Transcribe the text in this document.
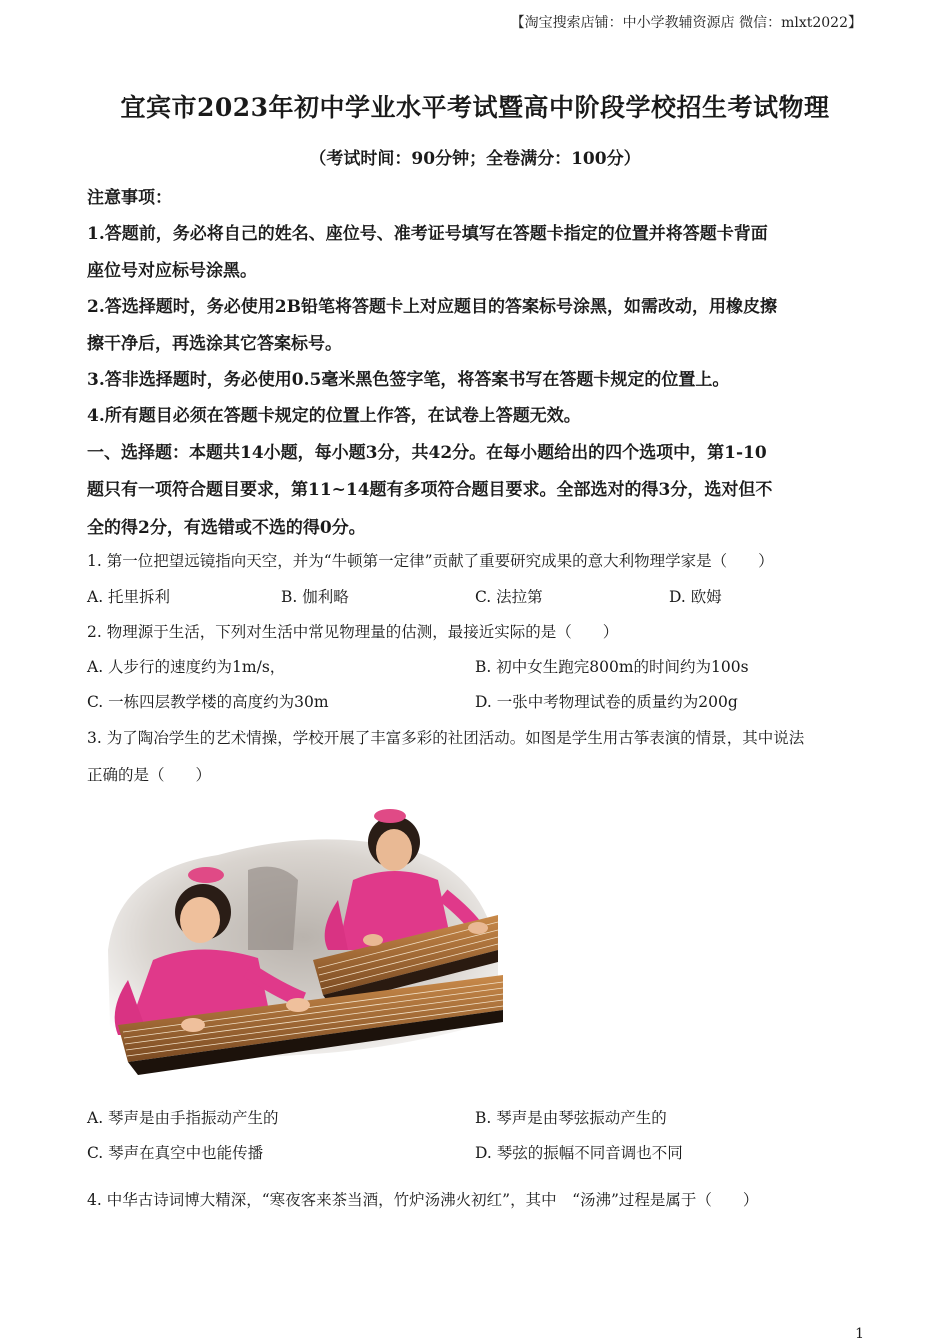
【淘宝搜索店铺：中小学教辅资源店 微信：mlxt2022】
宜宾市2023年初中学业水平考试暨高中阶段学校招生考试物理
（考试时间：90分钟；全卷满分：100分）
注意事项：
1.答题前，务必将自己的姓名、座位号、准考证号填写在答题卡指定的位置并将答题卡背面
座位号对应标号涂黑。
2.答选择题时，务必使用2B铅笔将答题卡上对应题目的答案标号涂黑，如需改动，用橡皮擦
擦干净后，再选涂其它答案标号。
3.答非选择题时，务必使用0.5毫米黑色签字笔，将答案书写在答题卡规定的位置上。
4.所有题目必须在答题卡规定的位置上作答，在试卷上答题无效。
一、选择题：本题共14小题，每小题3分，共42分。在每小题给出的四个选项中，第1-10
题只有一项符合题目要求，第11~14题有多项符合题目要求。全部选对的得3分，选对但不
全的得2分，有选错或不选的得0分。
1. 第一位把望远镜指向天空，并为“牛顿第一定律”贡献了重要研究成果的意大利物理学家是（　　）
A. 托里拆利	B. 伽利略	C. 法拉第	D. 欧姆
2. 物理源于生活，下列对生活中常见物理量的估测，最接近实际的是（　　）
A. 人步行的速度约为1m/s，	B. 初中女生跑完800m的时间约为100s
C. 一栋四层教学楼的高度约为30m	D. 一张中考物理试卷的质量约为200g
3. 为了陶冶学生的艺术情操，学校开展了丰富多彩的社团活动。如图是学生用古筝表演的情景，其中说法
正确的是（　　）
A. 琴声是由手指振动产生的	B. 琴声是由琴弦振动产生的
C. 琴声在真空中也能传播	D. 琴弦的振幅不同音调也不同
4. 中华古诗词博大精深，“寒夜客来茶当酒，竹炉汤沸火初红”，其中　“汤沸”过程是属于（　　）
1
